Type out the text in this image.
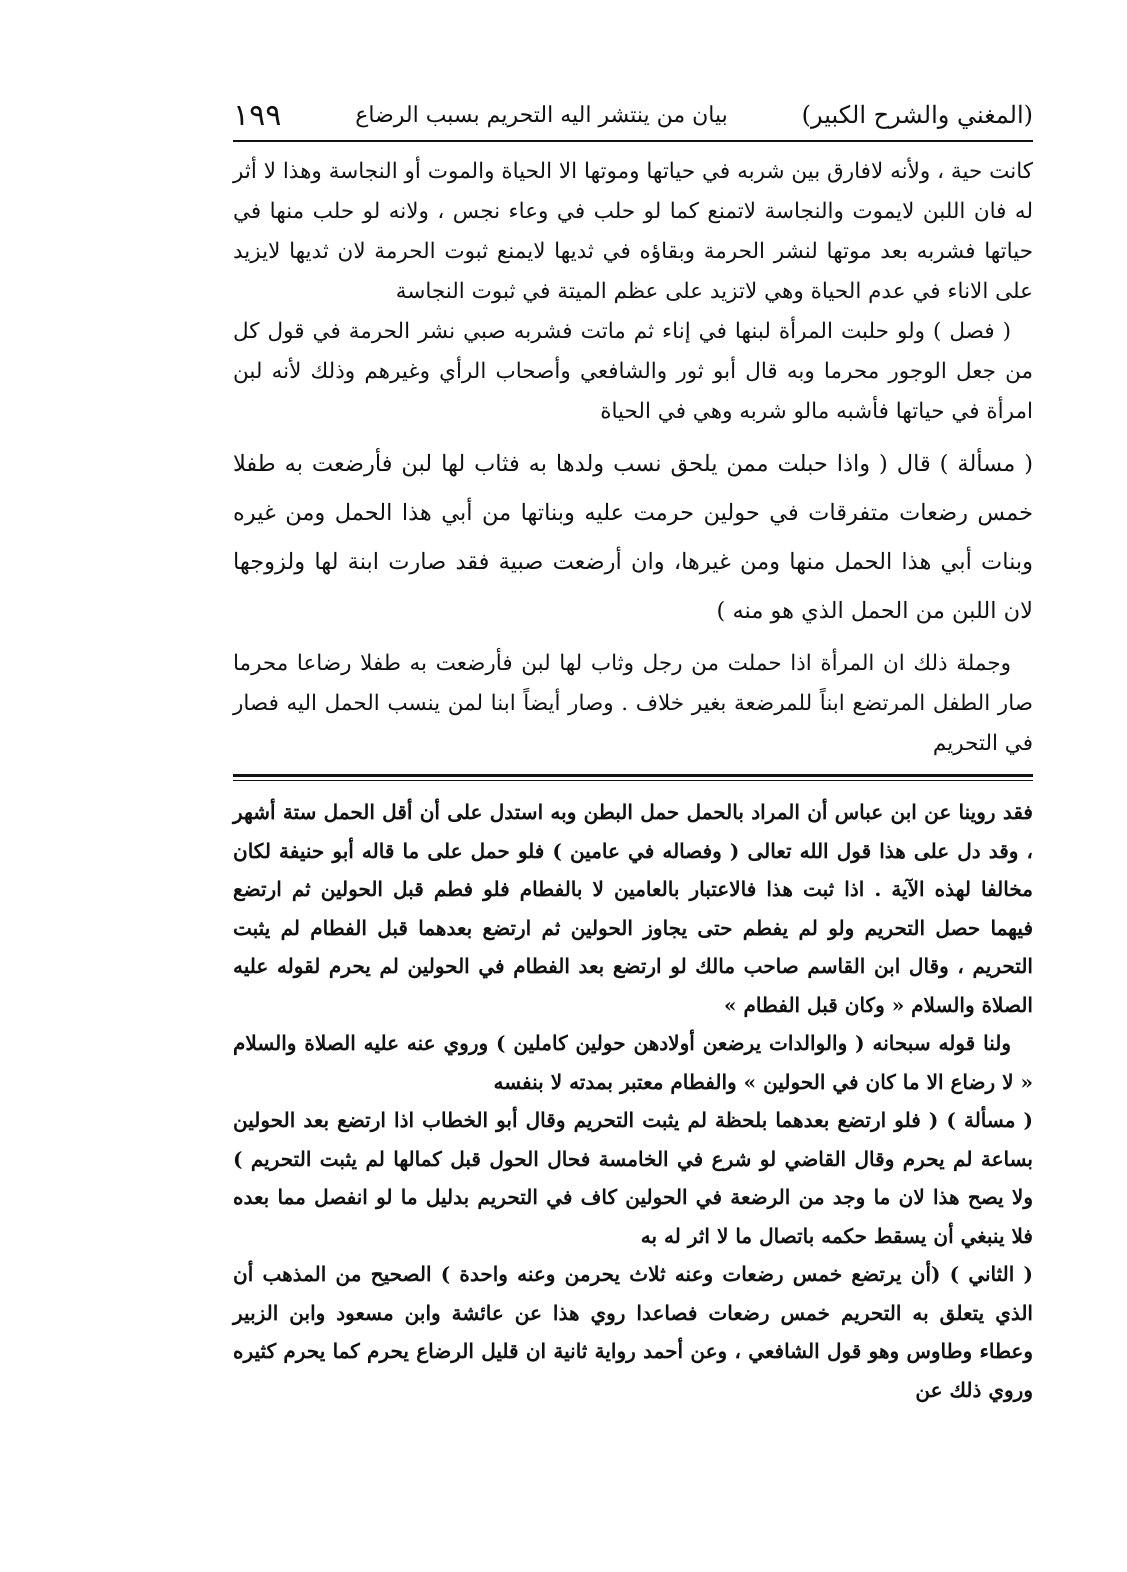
(المغني والشرح الكبير)
بيان من ينتشر اليه التحريم بسبب الرضاع
١٩٩

كانت حية ، ولأنه لافارق بين شربه في حياتها وموتها الا الحياة والموت أو النجاسة وهذا لا أثر له فان اللبن لايموت والنجاسة لاتمنع كما لو حلب في وعاء نجس ، ولانه لو حلب منها في حياتها فشربه بعد موتها لنشر الحرمة وبقاؤه في ثديها لايمنع ثبوت الحرمة لان ثديها لايزيد على الاناء في عدم الحياة وهي لاتزيد على عظم الميتة في ثبوت النجاسة

( فصل ) ولو حلبت المرأة لبنها في إناء ثم ماتت فشربه صبي نشر الحرمة في قول كل من جعل الوجور محرما وبه قال أبو ثور والشافعي وأصحاب الرأي وغيرهم وذلك لأنه لبن امرأة في حياتها فأشبه مالو شربه وهي في الحياة

( مسألة ) قال ( واذا حبلت ممن يلحق نسب ولدها به فثاب لها لبن فأرضعت به طفلا خمس رضعات متفرقات في حولين حرمت عليه وبناتها من أبي هذا الحمل ومن غيره وبنات أبي هذا الحمل منها ومن غيرها، وان أرضعت صبية فقد صارت ابنة لها ولزوجها لان اللبن من الحمل الذي هو منه )

وجملة ذلك ان المرأة اذا حملت من رجل وثاب لها لبن فأرضعت به طفلا رضاعا محرما صار الطفل المرتضع ابناً للمرضعة بغير خلاف . وصار أيضاً ابنا لمن ينسب الحمل اليه فصار في التحريم

فقد روينا عن ابن عباس أن المراد بالحمل حمل البطن وبه استدل على أن أقل الحمل ستة أشهر ، وقد دل على هذا قول الله تعالى ( وفصاله في عامين ) فلو حمل على ما قاله أبو حنيفة لكان مخالفا لهذه الآية . اذا ثبت هذا فالاعتبار بالعامين لا بالفطام فلو فطم قبل الحولين ثم ارتضع فيهما حصل التحريم ولو لم يفطم حتى يجاوز الحولين ثم ارتضع بعدهما قبل الفطام لم يثبت التحريم ، وقال ابن القاسم صاحب مالك لو ارتضع بعد الفطام في الحولين لم يحرم لقوله عليه الصلاة والسلام « وكان قبل الفطام »

ولنا قوله سبحانه ( والوالدات يرضعن أولادهن حولين كاملين ) وروي عنه عليه الصلاة والسلام « لا رضاع الا ما كان في الحولين » والفطام معتبر بمدته لا بنفسه

( مسألة ) ( فلو ارتضع بعدهما بلحظة لم يثبت التحريم وقال أبو الخطاب اذا ارتضع بعد الحولين بساعة لم يحرم وقال القاضي لو شرع في الخامسة فحال الحول قبل كمالها لم يثبت التحريم ) ولا يصح هذا لان ما وجد من الرضعة في الحولين كاف في التحريم بدليل ما لو انفصل مما بعده فلا ينبغي أن يسقط حكمه باتصال ما لا اثر له به

( الثاني ) (أن يرتضع خمس رضعات وعنه ثلاث يحرمن وعنه واحدة ) الصحيح من المذهب أن الذي يتعلق به التحريم خمس رضعات فصاعدا روي هذا عن عائشة وابن مسعود وابن الزبير وعطاء وطاوس وهو قول الشافعي ، وعن أحمد رواية ثانية ان قليل الرضاع يحرم كما يحرم كثيره وروي ذلك عن
